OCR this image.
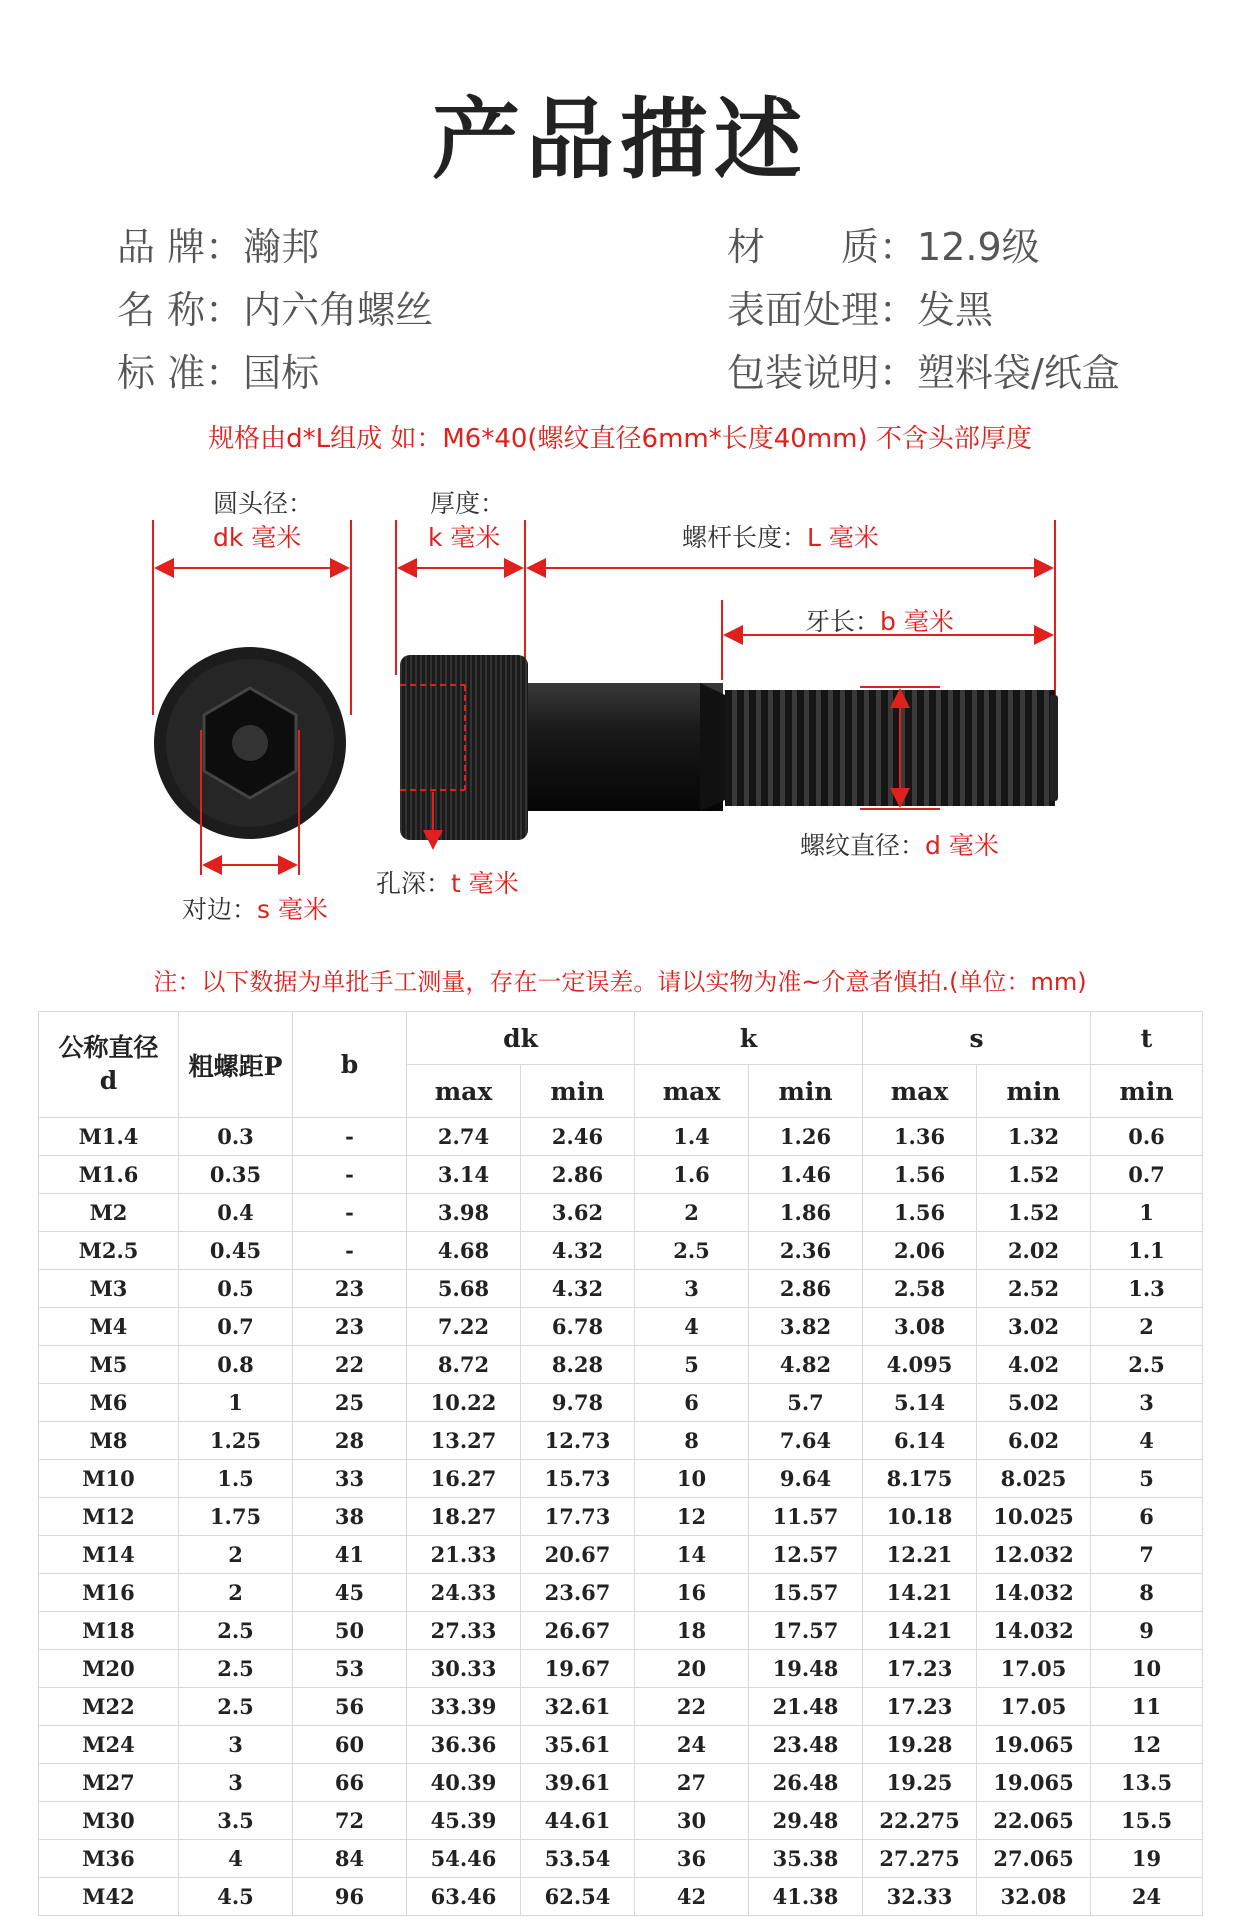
产品描述
品 牌：瀚邦	材　　质：12.9级
名 称：内六角螺丝	表面处理：发黑
标 准：国标	包装说明：塑料袋/纸盒
规格由d*L组成 如：M6*40(螺纹直径6mm*长度40mm) 不含头部厚度
圆头径：
dk 毫米
厚度：
k 毫米	螺杆长度：L 毫米
牙长：b 毫米
螺纹直径：d 毫米
孔深：t 毫米
对边：s 毫米
注：以下数据为单批手工测量，存在一定误差。请以实物为准~介意者慎拍.(单位：mm)
公称直径
d	粗螺距P	b	dk		k		s		t
			max	min	max	min	max	min	min
M1.4	0.3	-	2.74	2.46	1.4	1.26	1.36	1.32	0.6
M1.6	0.35	-	3.14	2.86	1.6	1.46	1.56	1.52	0.7
M2	0.4	-	3.98	3.62	2	1.86	1.56	1.52	1
M2.5	0.45	-	4.68	4.32	2.5	2.36	2.06	2.02	1.1
M3	0.5	23	5.68	4.32	3	2.86	2.58	2.52	1.3
M4	0.7	23	7.22	6.78	4	3.82	3.08	3.02	2
M5	0.8	22	8.72	8.28	5	4.82	4.095	4.02	2.5
M6	1	25	10.22	9.78	6	5.7	5.14	5.02	3
M8	1.25	28	13.27	12.73	8	7.64	6.14	6.02	4
M10	1.5	33	16.27	15.73	10	9.64	8.175	8.025	5
M12	1.75	38	18.27	17.73	12	11.57	10.18	10.025	6
M14	2	41	21.33	20.67	14	12.57	12.21	12.032	7
M16	2	45	24.33	23.67	16	15.57	14.21	14.032	8
M18	2.5	50	27.33	26.67	18	17.57	14.21	14.032	9
M20	2.5	53	30.33	19.67	20	19.48	17.23	17.05	10
M22	2.5	56	33.39	32.61	22	21.48	17.23	17.05	11
M24	3	60	36.36	35.61	24	23.48	19.28	19.065	12
M27	3	66	40.39	39.61	27	26.48	19.25	19.065	13.5
M30	3.5	72	45.39	44.61	30	29.48	22.275	22.065	15.5
M36	4	84	54.46	53.54	36	35.38	27.275	27.065	19
M42	4.5	96	63.46	62.54	42	41.38	32.33	32.08	24
